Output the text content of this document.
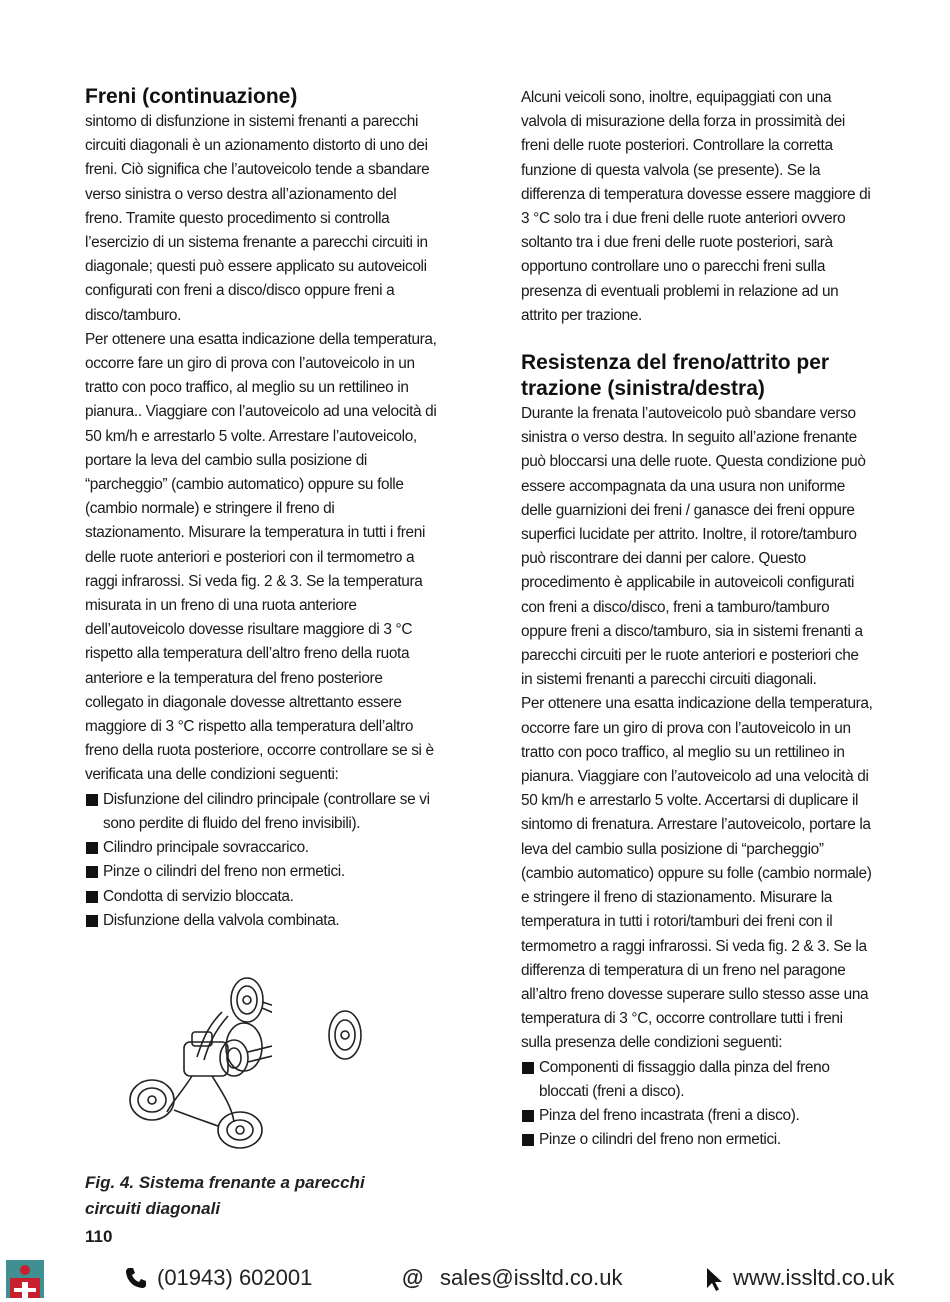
Freni (continuazione)

sintomo di disfunzione in sistemi frenanti a parecchi circuiti diagonali è un azionamento distorto di uno dei freni. Ciò significa che l’autoveicolo tende a sbandare verso sinistra o verso destra all’azionamento del freno. Tramite questo procedimento si controlla l’esercizio di un sistema frenante a parecchi circuiti in diagonale; questi può essere applicato su autoveicoli configurati con freni a disco/disco oppure freni a disco/tamburo.

Per ottenere una esatta indicazione della temperatura, occorre fare un giro di prova con l’autoveicolo in un tratto con poco traffico, al meglio su un rettilineo in pianura.. Viaggiare con l’autoveicolo ad una velocità di 50 km/h e arrestarlo 5 volte. Arrestare l’autoveicolo, portare la leva del cambio sulla posizione di “parcheggio” (cambio automatico) oppure su folle (cambio normale) e stringere il freno di stazionamento. Misurare la temperatura in tutti i freni delle ruote anteriori e posteriori con il termometro a raggi infrarossi. Si veda fig. 2 & 3. Se la temperatura misurata in un freno di una ruota anteriore dell’autoveicolo dovesse risultare maggiore di 3 °C rispetto alla temperatura dell’altro freno della ruota anteriore e la temperatura del freno posteriore collegato in diagonale dovesse altrettanto essere maggiore di 3 °C rispetto alla temperatura dell’altro freno della ruota posteriore, occorre controllare se si è verificata una delle condizioni seguenti:

Disfunzione del cilindro principale (controllare se vi sono perdite di fluido del freno invisibili).
Cilindro principale sovraccarico.
Pinze o cilindri del freno non ermetici.
Condotta di servizio bloccata.
Disfunzione della valvola combinata.
Fig. 4. Sistema frenante a parecchi circuiti diagonali
110

Alcuni veicoli sono, inoltre, equipaggiati con una valvola di misurazione della forza in prossimità dei freni delle ruote posteriori. Controllare la corretta funzione di questa valvola (se presente). Se la differenza di temperatura dovesse essere maggiore di 3 °C solo tra i due freni delle ruote anteriori ovvero soltanto tra i due freni delle ruote posteriori, sarà opportuno controllare uno o parecchi freni sulla presenza di eventuali problemi in relazione ad un attrito per trazione.

Resistenza del freno/attrito per trazione (sinistra/destra)

Durante la frenata l’autoveicolo può sbandare verso sinistra o verso destra. In seguito all’azione frenante può bloccarsi una delle ruote. Questa condizione può essere accompagnata da una usura non uniforme delle guarnizioni dei freni / ganasce dei freni oppure superfici lucidate per attrito. Inoltre, il rotore/tamburo può riscontrare dei danni per calore. Questo procedimento è applicabile in autoveicoli configurati con freni a disco/disco, freni a tamburo/tamburo oppure freni a disco/tamburo, sia in sistemi frenanti a parecchi circuiti per le ruote anteriori e posteriori che in sistemi frenanti a parecchi circuiti diagonali.

Per ottenere una esatta indicazione della temperatura, occorre fare un giro di prova con l’autoveicolo in un tratto con poco traffico, al meglio su un rettilineo in pianura. Viaggiare con l’autoveicolo ad una velocità di 50 km/h e arrestarlo 5 volte. Accertarsi di duplicare il sintomo di frenatura. Arrestare l’autoveicolo, portare la leva del cambio sulla posizione di “parcheggio” (cambio automatico) oppure su folle (cambio normale) e stringere il freno di stazionamento. Misurare la temperatura in tutti i rotori/tamburi dei freni con il termometro a raggi infrarossi. Si veda fig. 2 & 3. Se la differenza di temperatura di un freno nel paragone all’altro freno dovesse superare sullo stesso asse una temperatura di 3 °C, occorre controllare tutti i freni sulla presenza delle condizioni seguenti:

Componenti di fissaggio dalla pinza del freno bloccati (freni a disco).
Pinza del freno incastrata (freni a disco).
Pinze o cilindri del freno non ermetici.
(01943) 602001	@ sales@issltd.co.uk	www.issltd.co.uk
